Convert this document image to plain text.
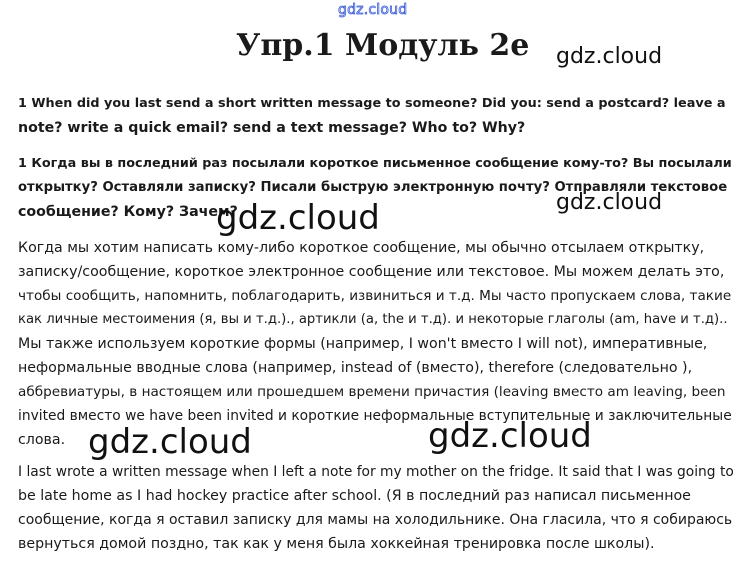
gdz.cloud
Упр.1 Модуль 2e
1 When did you last send a short written message to someone? Did you: send a postcard? leave a
note? write a quick email? send a text message? Who to? Why?
1 Когда вы в последний раз посылали короткое письменное сообщение кому-то? Вы посылали
открытку? Оставляли записку? Писали быструю электронную почту? Отправляли текстовое
сообщение? Кому? Зачем?
Когда мы хотим написать кому-либо короткое сообщение, мы обычно отсылаем открытку,
записку/сообщение, короткое электронное сообщение или текстовое. Мы можем делать это,
чтобы сообщить, напомнить, поблагодарить, извиниться и т.д. Мы часто пропускаем слова, такие
как личные местоимения (я, вы и т.д.)., артикли (a, the и т.д). и некоторые глаголы (am, have и т.д)..
Мы также используем короткие формы (например, I won't вместо I will not), императивные,
неформальные вводные слова (например, instead of (вместо), therefore (следовательно ),
аббревиатуры, в настоящем или прошедшем времени причастия (leaving вместо am leaving, been
invited вместо we have been invited и короткие неформальные вступительные и заключительные
слова.
I last wrote a written message when I left a note for my mother on the fridge. It said that I was going to
be late home as I had hockey practice after school. (Я в последний раз написал письменное
сообщение, когда я оставил записку для мамы на холодильнике. Она гласила, что я собираюсь
вернуться домой поздно, так как у меня была хоккейная тренировка после школы).
gdz.cloud
gdz.cloud
gdz.cloud
gdz.cloud	gdz.cloud
